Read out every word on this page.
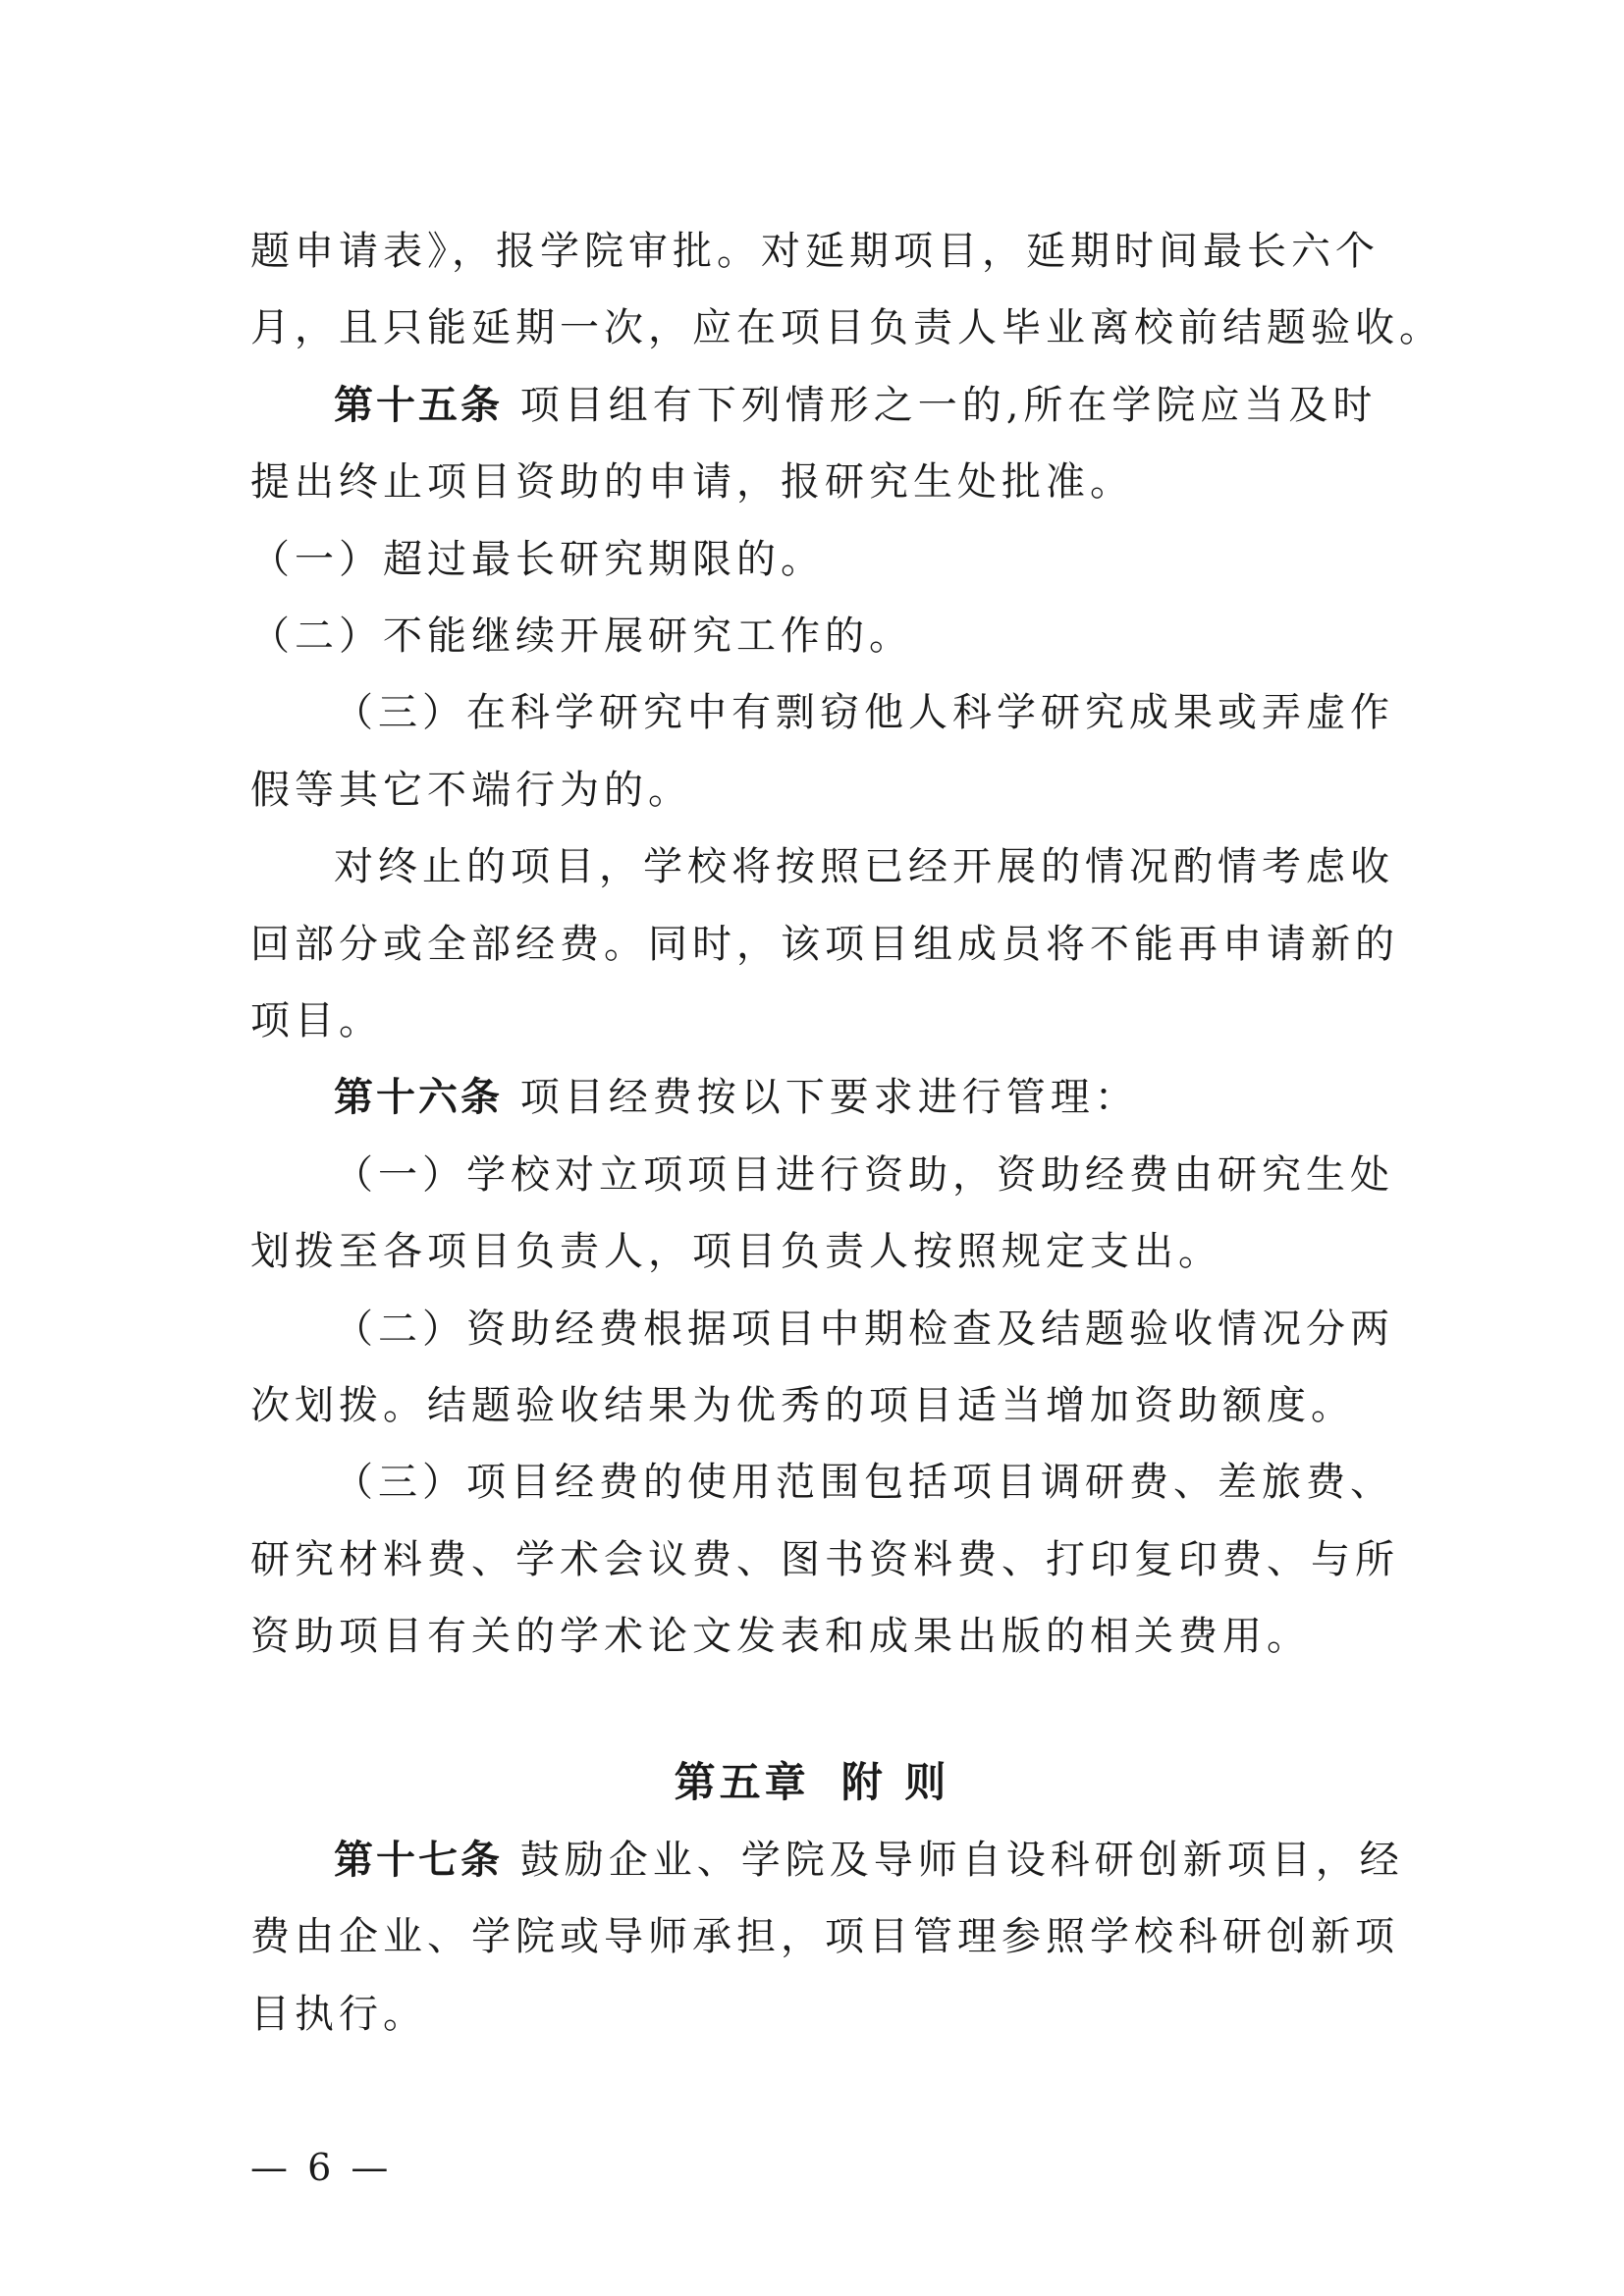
题申请表》，报学院审批。对延期项目，延期时间最长六个
月，且只能延期一次，应在项目负责人毕业离校前结题验收。
第十五条 项目组有下列情形之一的,所在学院应当及时
提出终止项目资助的申请，报研究生处批准。
（一）超过最长研究期限的。
（二）不能继续开展研究工作的。
（三）在科学研究中有剽窃他人科学研究成果或弄虚作
假等其它不端行为的。
对终止的项目，学校将按照已经开展的情况酌情考虑收
回部分或全部经费。同时，该项目组成员将不能再申请新的
项目。
第十六条 项目经费按以下要求进行管理：
（一）学校对立项项目进行资助，资助经费由研究生处
划拨至各项目负责人，项目负责人按照规定支出。
（二）资助经费根据项目中期检查及结题验收情况分两
次划拨。结题验收结果为优秀的项目适当增加资助额度。
（三）项目经费的使用范围包括项目调研费、差旅费、
研究材料费、学术会议费、图书资料费、打印复印费、与所
资助项目有关的学术论文发表和成果出版的相关费用。
第五章 附 则
第十七条 鼓励企业、学院及导师自设科研创新项目，经
费由企业、学院或导师承担，项目管理参照学校科研创新项
目执行。
— 6 —
